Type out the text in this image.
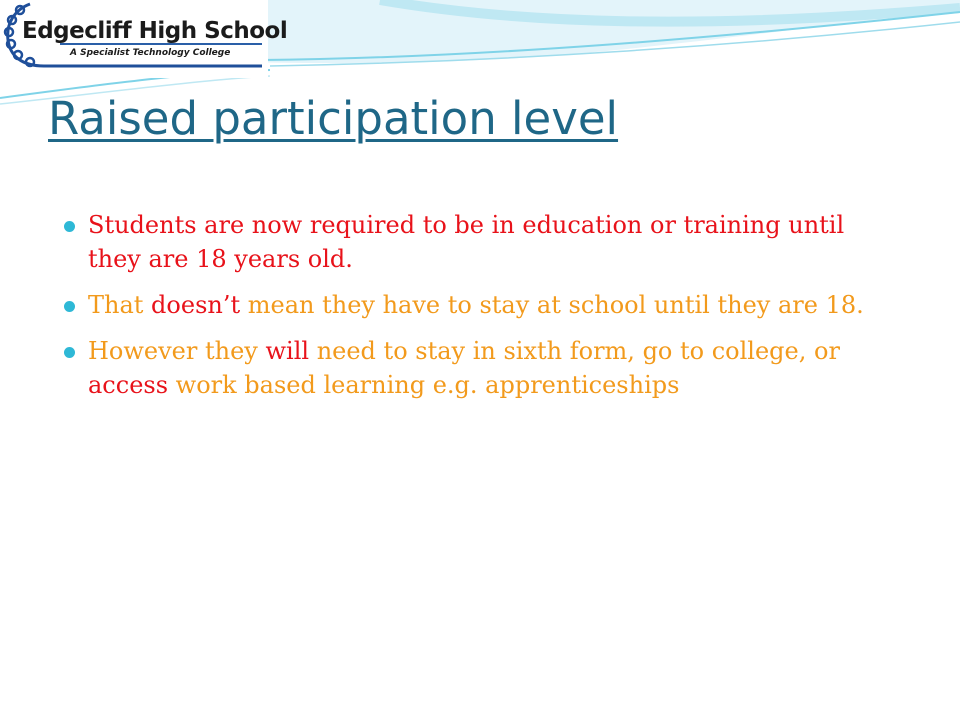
Edgecliff High School
A Specialist Technology College
Raised participation level
Students are now required to be in education or training until they are 18 years old.
That doesn’t mean they have to stay at school until they are 18.
However they will need to stay in sixth form, go to college, or access work based learning e.g. apprenticeships
